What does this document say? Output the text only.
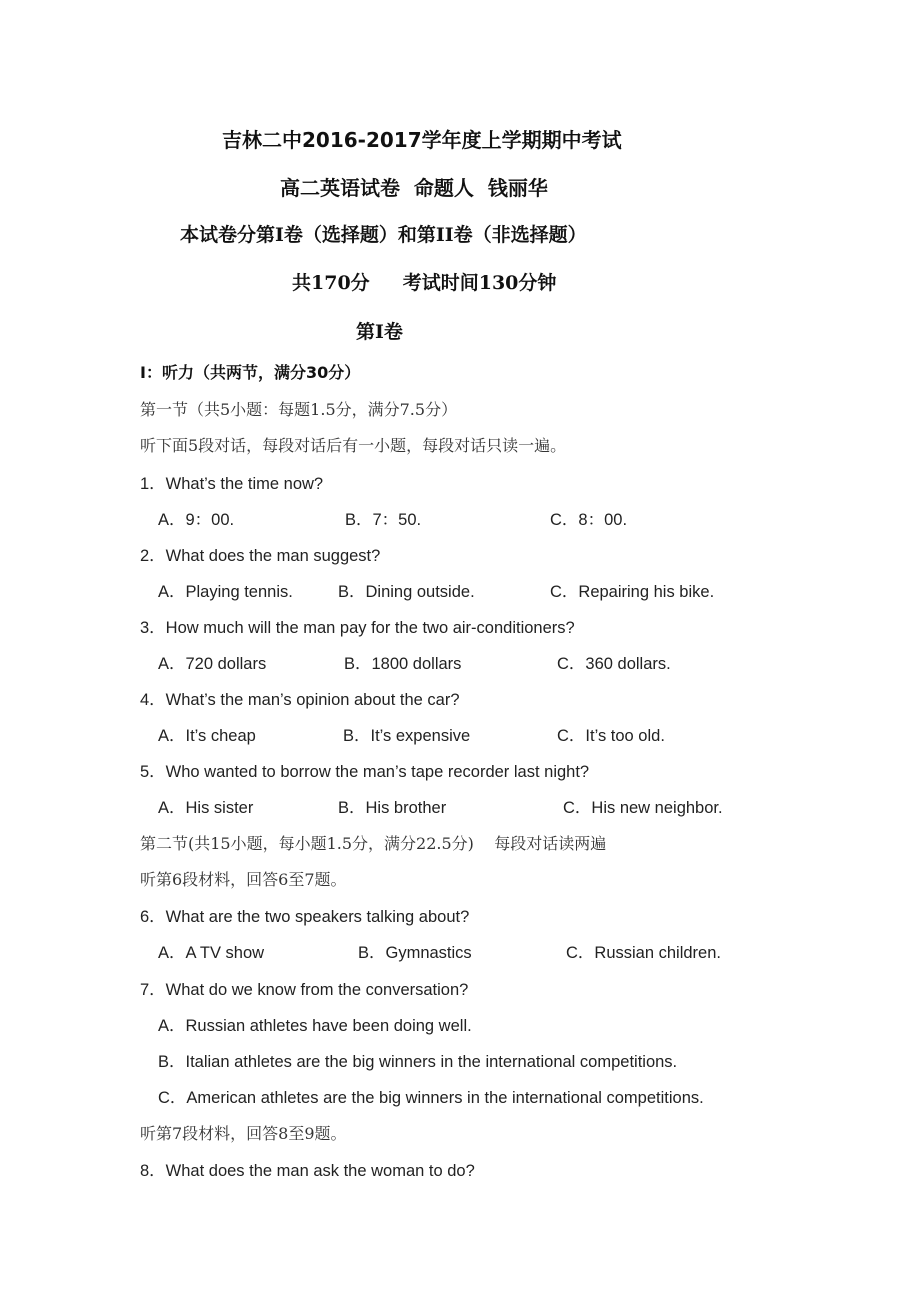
吉林二中2016-2017学年度上学期期中考试
高二英语试卷  命题人  钱丽华
本试卷分第Ⅰ卷（选择题）和第II卷（非选择题）
共170分     考试时间130分钟
第Ⅰ卷
I：听力（共两节，满分30分）
第一节（共5小题：每题1.5分，满分7.5分）
听下面5段对话，每段对话后有一小题，每段对话只读一遍。
1．What’s the time now?
A．9：00.	B．7：50.	C．8：00.
2．What does the man suggest?
A．Playing tennis.	B．Dining outside.	C．Repairing his bike.
3．How much will the man pay for the two air-conditioners?
A．720 dollars	B．1800 dollars	C．360 dollars.
4．What’s the man’s opinion about the car?
A．It’s cheap	B．It’s expensive	C．It’s too old.
5．Who wanted to borrow the man’s tape recorder last night?
A．His sister	B．His brother	C．His new neighbor.
第二节(共15小题，每小题1.5分，满分22.5分)    每段对话读两遍
听第6段材料，回答6至7题。
6．What are the two speakers talking about?
A．A TV show	B．Gymnastics	C．Russian children.
7．What do we know from the conversation?
A．Russian athletes have been doing well.
B．Italian athletes are the big winners in the international competitions.
C．American athletes are the big winners in the international competitions.
听第7段材料，回答8至9题。
8．What does the man ask the woman to do?
